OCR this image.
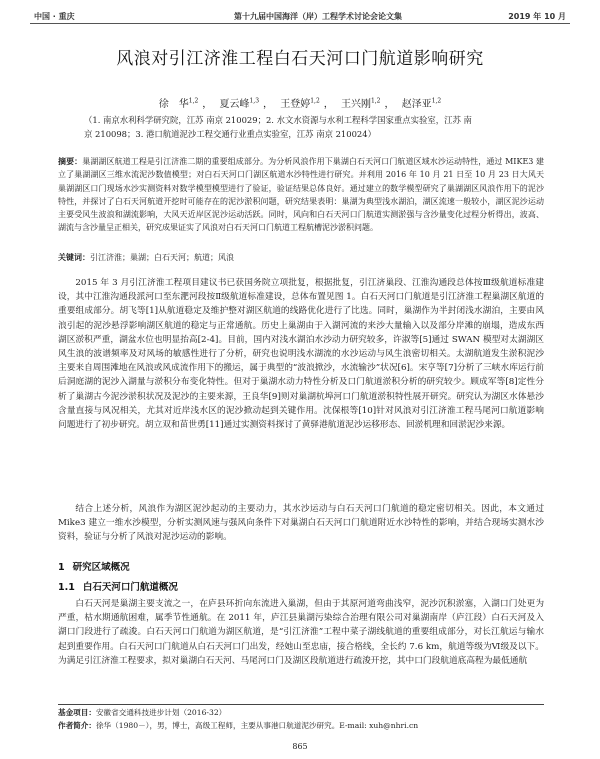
中国 · 重庆	第十九届中国海洋（岸）工程学术讨论会论文集	2019 年 10 月
风浪对引江济淮工程白石天河口门航道影响研究
徐　华$^{1,2}$ ， 夏云峰$^{1,3}$ ， 王登婷$^{1,2}$ ， 王兴刚$^{1,2}$ ， 赵泽亚$^{1,2}$
（1. 南京水利科学研究院，江苏 南京 210029；2. 水文水资源与水利工程科学国家重点实验室，江苏 南
京 210098；3. 港口航道泥沙工程交通行业重点实验室，江苏 南京 210024）
摘要：巢湖湖区航道工程是引江济淮二期的重要组成部分。为分析风浪作用下巢湖白石天河口门航道区域水沙运动特性，通过 MIKE3 建立了巢湖湖区三维水流泥沙数值模型；对白石天河口门湖区航道水沙特性进行研究。并利用 2016 年 10 月 21 日至 10 月 23 日大风天巢湖湖区口门现场水沙实测资料对数学模型模型进行了验证，验证结果总体良好。通过建立的数学模型研究了巢湖湖区风浪作用下的泥沙特性，并探讨了白石天河航道开挖时可能存在的泥沙淤积问题，研究结果表明：巢湖为典型浅水湖泊，湖区流速一般较小，湖区泥沙运动主要受风生波浪和湖流影响，大风天近岸区泥沙运动活跃。同时，风向和白石天河口门航道实测淤强与含沙量变化过程分析得出，波高、湖流与含沙量呈正相关，研究成果证实了风浪对白石天河口门航道工程航槽泥沙淤积问题。
关键词：引江济淮；巢湖；白石天河；航道；风浪

2015 年 3 月引江济淮工程项目建议书已获国务院立项批复，根据批复，引江济巢段、江淮沟通段总体按Ⅲ级航道标准建设，其中江淮沟通段派河口至东淝河段按Ⅱ级航道标准建设，总体布置见图 1。白石天河口门航道是引江济淮工程巢湖区航道的重要组成部分。胡飞等[1]从航道稳定及维护整对湖区航道的线路优化进行了比选。同时，巢湖作为半封闭浅水湖泊，主要由风浪引起的泥沙悬浮影响湖区航道的稳定与正常通航。历史上巢湖由于入湖河流的来沙大量输入以及部分岸滩的崩塌，造成东西湖区淤积严重，湖盆水位也明显抬高[2-4]。目前，国内对浅水湖泊水沙动力研究较多，许淑等[5]通过 SWAN 模型对太湖湖区风生浪的波谱频率及对风场的敏感性进行了分析，研究也说明浅水湖流的水沙运动与风生浪密切相关。太湖航道发生淤积泥沙主要来自周围滩地在风浪或风成流作用下的搬运，属于典型的“波浪掀沙，水流输沙”状况[6]。宋亨等[7]分析了三峡水库运行前后洞庭湖的泥沙入湖量与淤积分布变化特性。但对于巢湖水动力特性分析及口门航道淤积分析的研究较少。顾成军等[8]定性分析了巢湖古今泥沙淤积状况及泥沙的主要来源，王良华[9]则对巢湖杭埠河口门航道淤积特性展开研究。研究认为湖区水体悬沙含量直接与风况相关，尤其对近岸浅水区的泥沙掀动起到关键作用。沈保根等[10]针对风浪对引江济淮工程马尾河口航道影响问题进行了初步研究。胡立双和苗世勇[11]通过实测资料探讨了黄驿港航道泥沙运移形态、回淤机理和回淤泥沙来源。

结合上述分析，风浪作为湖区泥沙起动的主要动力，其水沙运动与白石天河口门航道的稳定密切相关。因此，本文通过 Mike3 建立一维水沙模型，分析实测风速与强风向条件下对巢湖白石天河口门航道附近水沙特性的影响，并结合现场实测水沙资料，验证与分析了风浪对泥沙运动的影响。

1 研究区域概况
1.1 白石天河口门航道概况

白石天河是巢湖主要支流之一，在庐县环折向东流进入巢湖，但由于其原河道弯曲浅窄，泥沙沉积淤塞，入湖口门处更为严重，枯水期通航困难，属季节性通航。在 2011 年，庐江县巢湖污染综合治理有限公司对巢湖南岸（庐江段）白石天河及入湖口门段进行了疏浚。白石天河口门航道为湖区航道，是“引江济淮”工程中菜子湖线航道的重要组成部分，对长江航运与输水起到重要作用。白石天河口门航道从白石天河口门出发，经她山至忠庙，接合格线，全长约 7.6 km，航道等级为Ⅵ级及以下。为满足引江济淮工程要求，拟对巢湖白石天河、马尾河口门及湖区段航道进行疏浚开挖，其中口门段航道底高程为最低通航

基金项目：安徽省交通科技进步计划（2016-32）
作者简介：徐华（1980－），男，博士，高级工程师，主要从事港口航道泥沙研究。E-mail: xuh@nhri.cn
865
